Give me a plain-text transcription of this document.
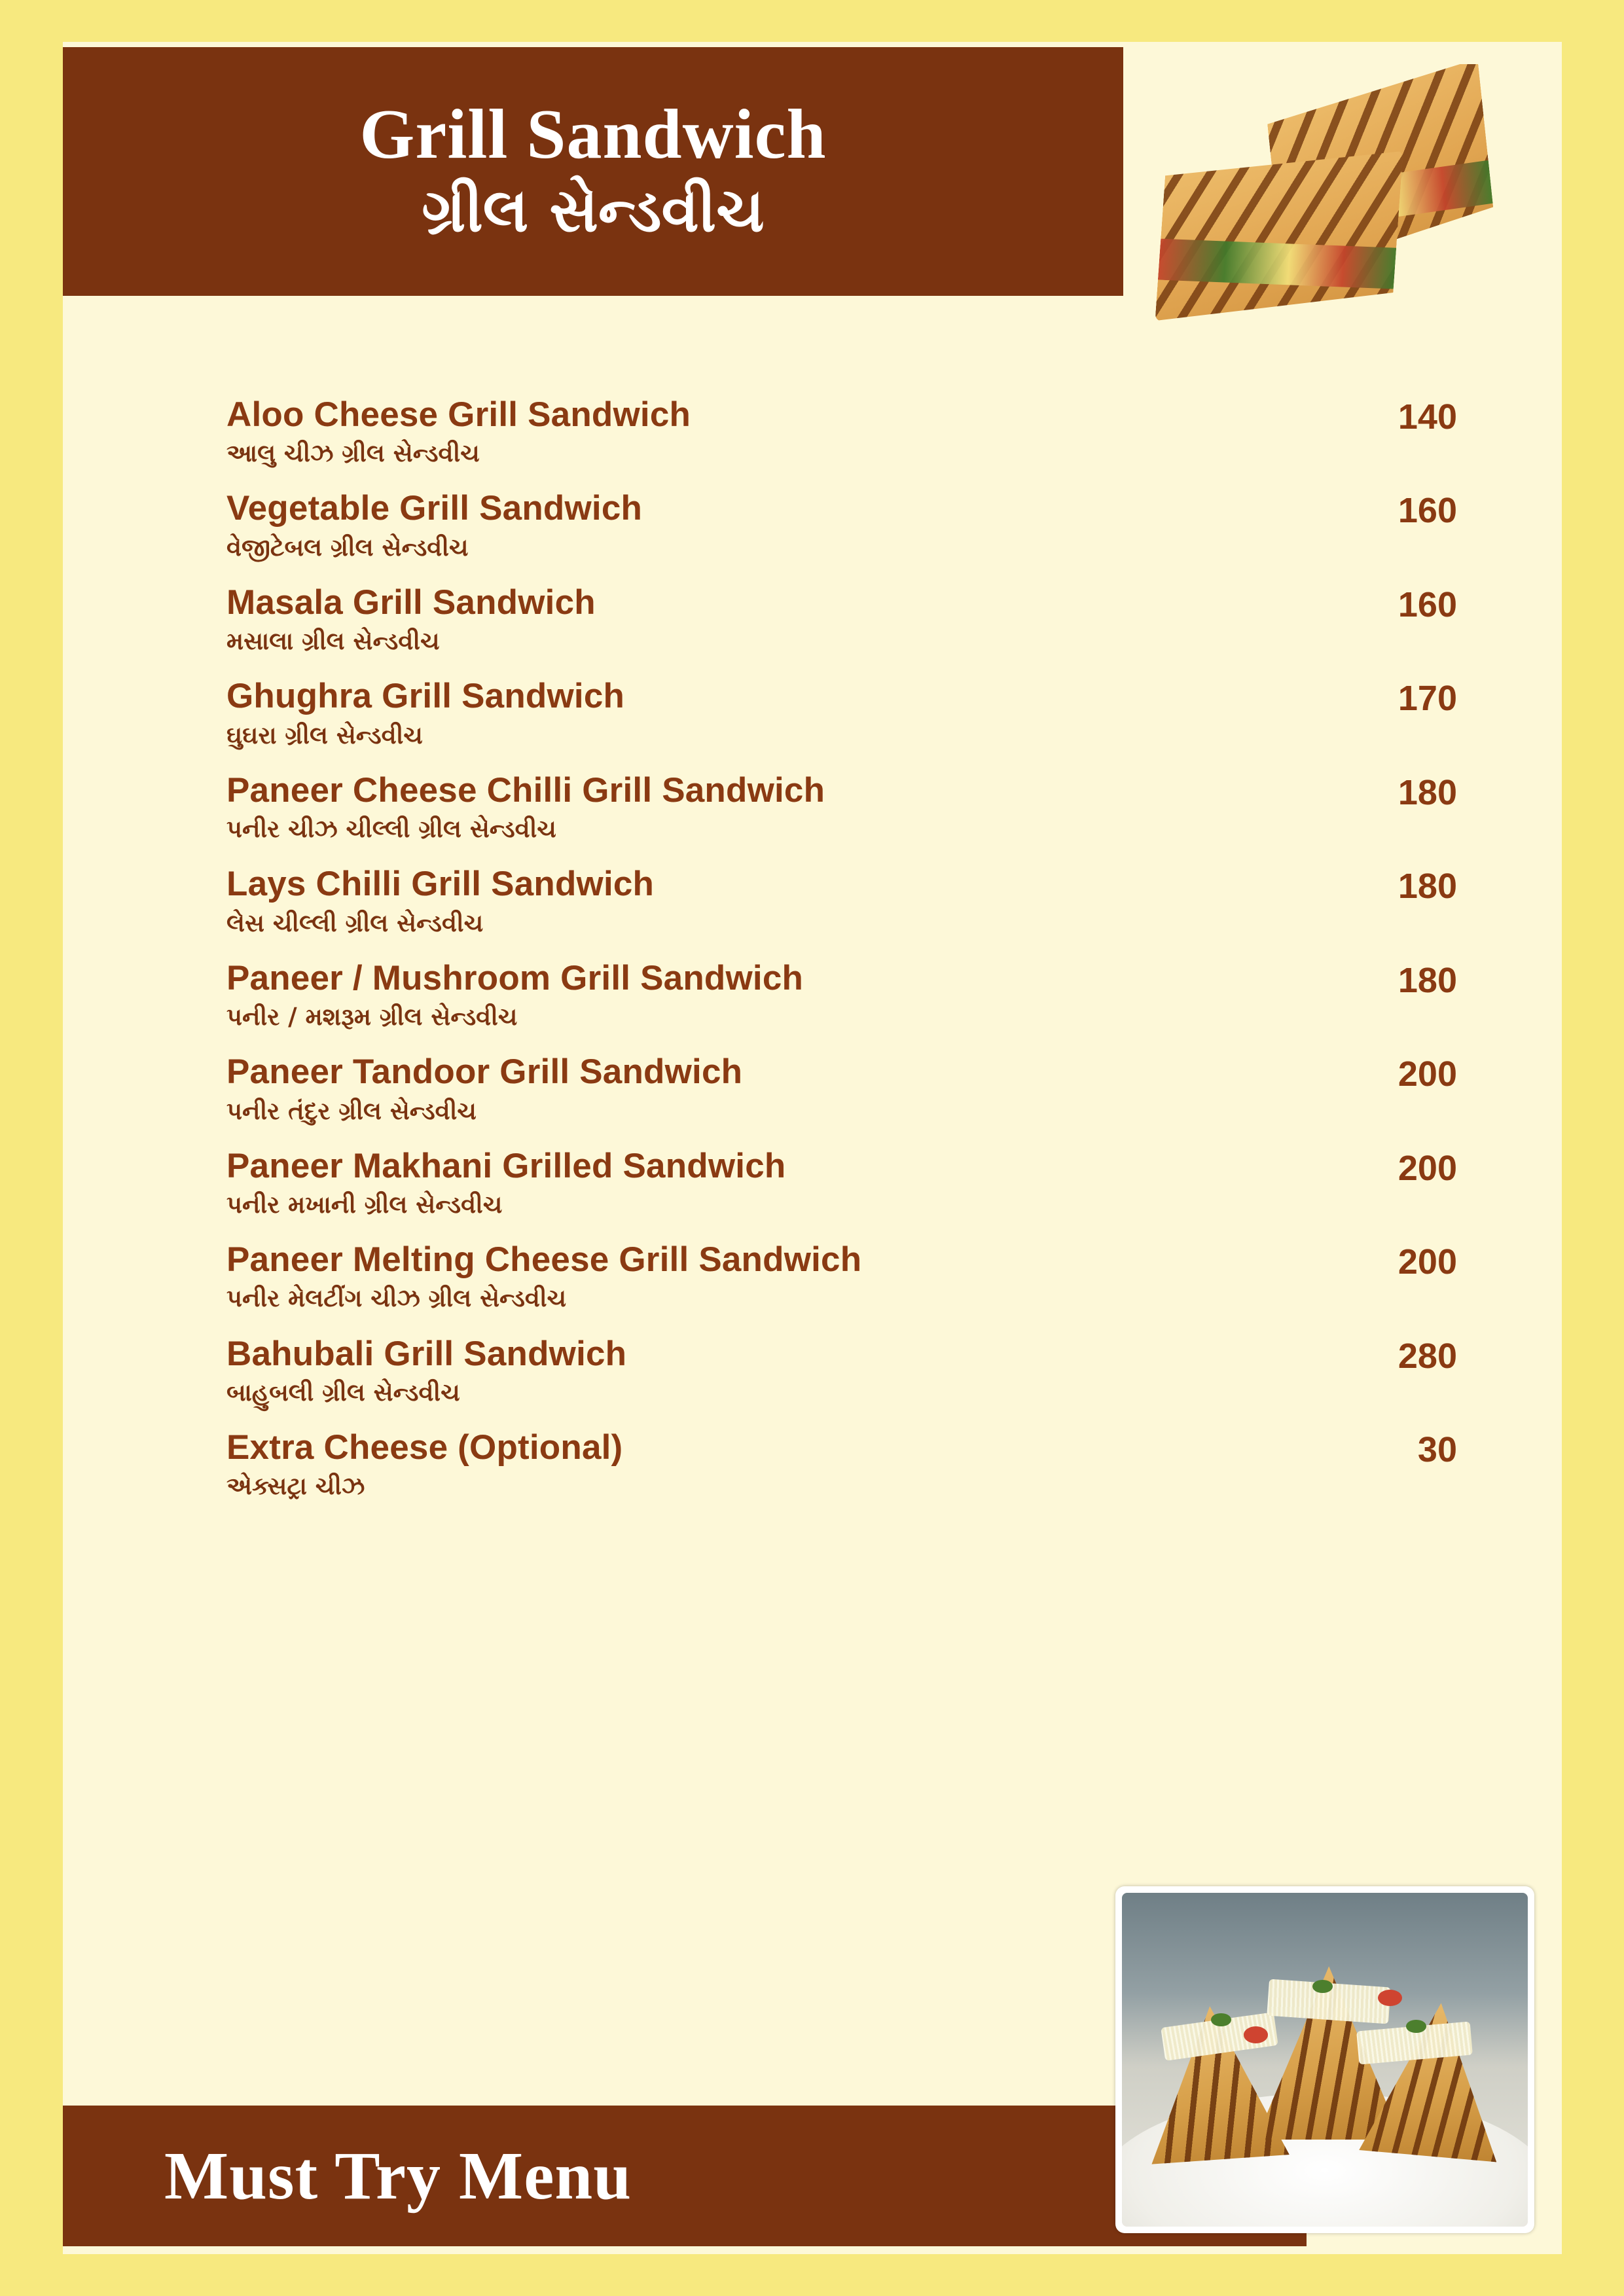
Grill Sandwich
ગ્રીલ સેન્ડવીચ
Aloo Cheese Grill Sandwich
આલુ ચીઝ ગ્રીલ સેન્ડવીચ
140
Vegetable Grill Sandwich
વેજીટેબલ ગ્રીલ સેન્ડવીચ
160
Masala Grill Sandwich
મસાલા ગ્રીલ સેન્ડવીચ
160
Ghughra Grill Sandwich
ઘુઘરા ગ્રીલ સેન્ડવીચ
170
Paneer Cheese Chilli Grill Sandwich
પનીર ચીઝ ચીલ્લી ગ્રીલ સેન્ડવીચ
180
Lays Chilli Grill Sandwich
લેસ ચીલ્લી ગ્રીલ સેન્ડવીચ
180
Paneer / Mushroom Grill Sandwich
પનીર / મશરૂમ ગ્રીલ સેન્ડવીચ
180
Paneer Tandoor Grill Sandwich
પનીર તંદુર ગ્રીલ સેન્ડવીચ
200
Paneer Makhani Grilled Sandwich
પનીર મખાની ગ્રીલ સેન્ડવીચ
200
Paneer Melting Cheese Grill Sandwich
પનીર મેલટીંગ ચીઝ ગ્રીલ સેન્ડવીચ
200
Bahubali Grill Sandwich
બાહુબલી ગ્રીલ સેન્ડવીચ
280
Extra Cheese (Optional)
એક્સટ્રા ચીઝ
30
Must Try Menu
